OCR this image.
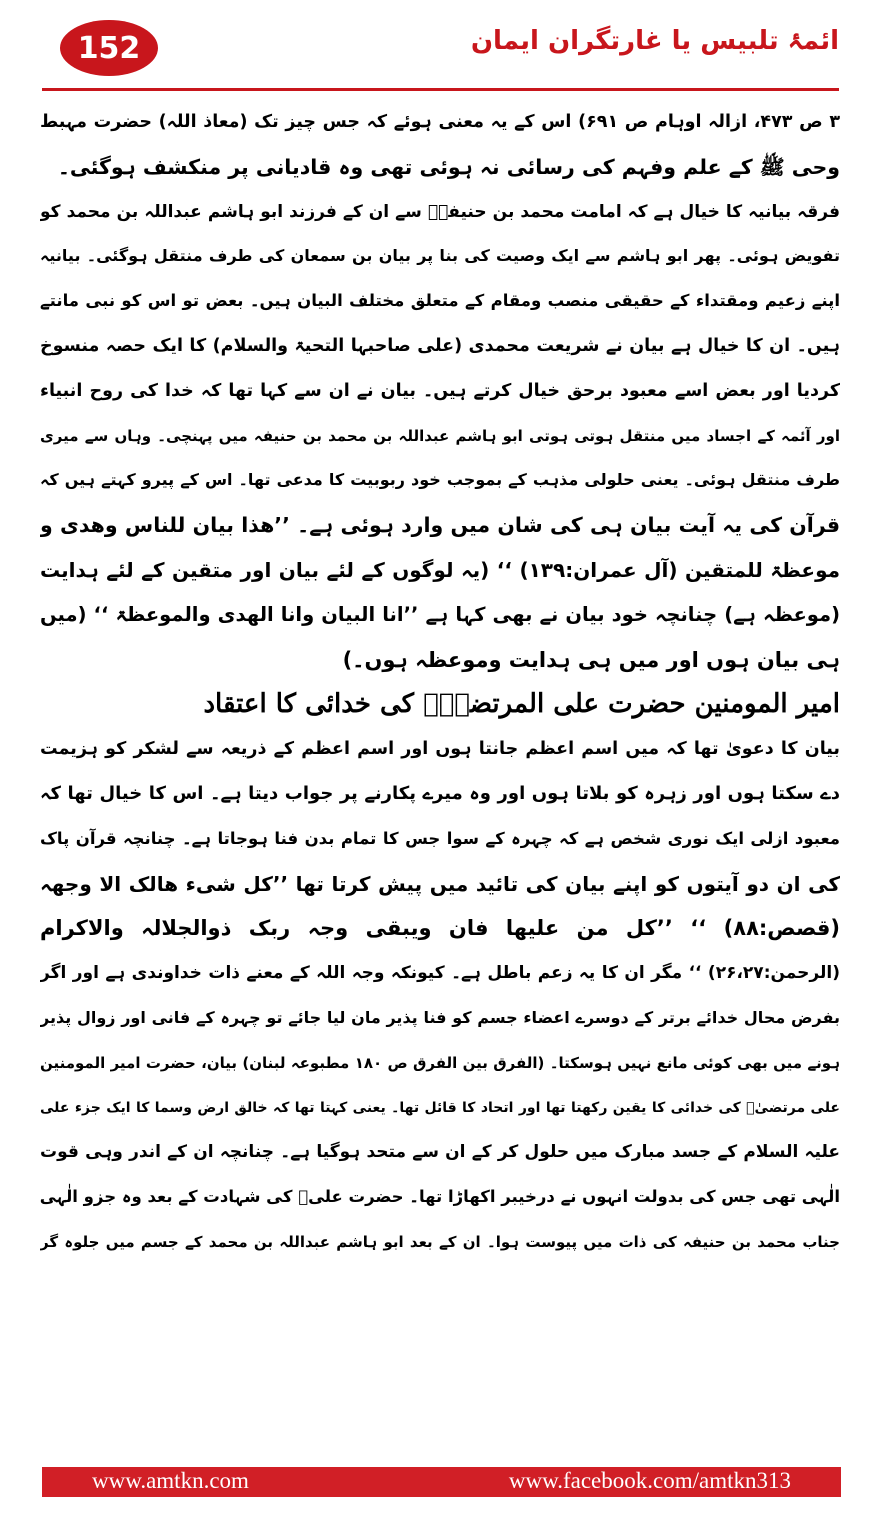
152	ائمۂ تلبیس یا غارتگران ایمان
۳ ص ۴۷۳، ازالہ اوہام ص ۶۹۱) اس کے یہ معنی ہوئے کہ جس چیز تک (معاذ اللہ) حضرت مہبط
وحی ﷺ کے علم وفہم کی رسائی نہ ہوئی تھی وہ قادیانی پر منکشف ہوگئی۔
فرقہ بیانیہ کا خیال ہے کہ امامت محمد بن حنیفہؒ سے ان کے فرزند ابو ہاشم عبداللہ بن محمد کو
تفویض ہوئی۔ پھر ابو ہاشم سے ایک وصیت کی بنا پر بیان بن سمعان کی طرف منتقل ہوگئی۔ بیانیہ
اپنے زعیم ومقتداء کے حقیقی منصب ومقام کے متعلق مختلف البیان ہیں۔ بعض تو اس کو نبی مانتے
ہیں۔ ان کا خیال ہے بیان نے شریعت محمدی (علی صاحبہا التحیۃ والسلام) کا ایک حصہ منسوخ
کردیا اور بعض اسے معبود برحق خیال کرتے ہیں۔ بیان نے ان سے کہا تھا کہ خدا کی روح انبیاء
اور آئمہ کے اجساد میں منتقل ہوتی ہوتی ابو ہاشم عبداللہ بن محمد بن حنیفہ میں پہنچی۔ وہاں سے میری
طرف منتقل ہوئی۔ یعنی حلولی مذہب کے بموجب خود ربوبیت کا مدعی تھا۔ اس کے پیرو کہتے ہیں کہ
قرآن کی یہ آیت بیان ہی کی شان میں وارد ہوئی ہے۔ ’’ھذا بیان للناس وھدی و
موعظۃ للمتقین (آل عمران:۱۳۹) ‘‘ (یہ لوگوں کے لئے بیان اور متقین کے لئے ہدایت
(موعظہ ہے) چنانچہ خود بیان نے بھی کہا ہے ’’انا البیان وانا الھدی والموعظۃ ‘‘ (میں
ہی بیان ہوں اور میں ہی ہدایت وموعظہ ہوں۔)
امیر المومنین حضرت علی المرتضیٰؓ کی خدائی کا اعتقاد
بیان کا دعویٰ تھا کہ میں اسم اعظم جانتا ہوں اور اسم اعظم کے ذریعہ سے لشکر کو ہزیمت
دے سکتا ہوں اور زہرہ کو بلاتا ہوں اور وہ میرے پکارنے پر جواب دیتا ہے۔ اس کا خیال تھا کہ
معبود ازلی ایک نوری شخص ہے کہ چہرہ کے سوا جس کا تمام بدن فنا ہوجاتا ہے۔ چنانچہ قرآن پاک
کی ان دو آیتوں کو اپنے بیان کی تائید میں پیش کرتا تھا ’’کل شیء ھالک الا وجھہ
(قصص:۸۸) ‘‘ ’’کل من علیھا فان ویبقی وجہ ربک ذوالجلالہ والاکرام
(الرحمن:۲۶،۲۷) ‘‘ مگر ان کا یہ زعم باطل ہے۔ کیونکہ وجہ اللہ کے معنے ذات خداوندی ہے اور اگر
بفرض محال خدائے برتر کے دوسرے اعضاء جسم کو فنا پذیر مان لیا جائے تو چہرہ کے فانی اور زوال پذیر
ہونے میں بھی کوئی مانع نہیں ہوسکتا۔ (الفرق بین الفرق ص ۱۸۰ مطبوعہ لبنان) بیان، حضرت امیر المومنین
علی مرتضیٰؓ کی خدائی کا یقین رکھتا تھا اور اتحاد کا قائل تھا۔ یعنی کہتا تھا کہ خالق ارض وسما کا ایک جزء علی
علیہ السلام کے جسد مبارک میں حلول کر کے ان سے متحد ہوگیا ہے۔ چنانچہ ان کے اندر وہی قوت
الٰہی تھی جس کی بدولت انہوں نے درخیبر اکھاڑا تھا۔ حضرت علیؓ کی شہادت کے بعد وہ جزو الٰہی
جناب محمد بن حنیفہ کی ذات میں پیوست ہوا۔ ان کے بعد ابو ہاشم عبداللہ بن محمد کے جسم میں جلوہ گر
www.amtkn.com	www.facebook.com/amtkn313
